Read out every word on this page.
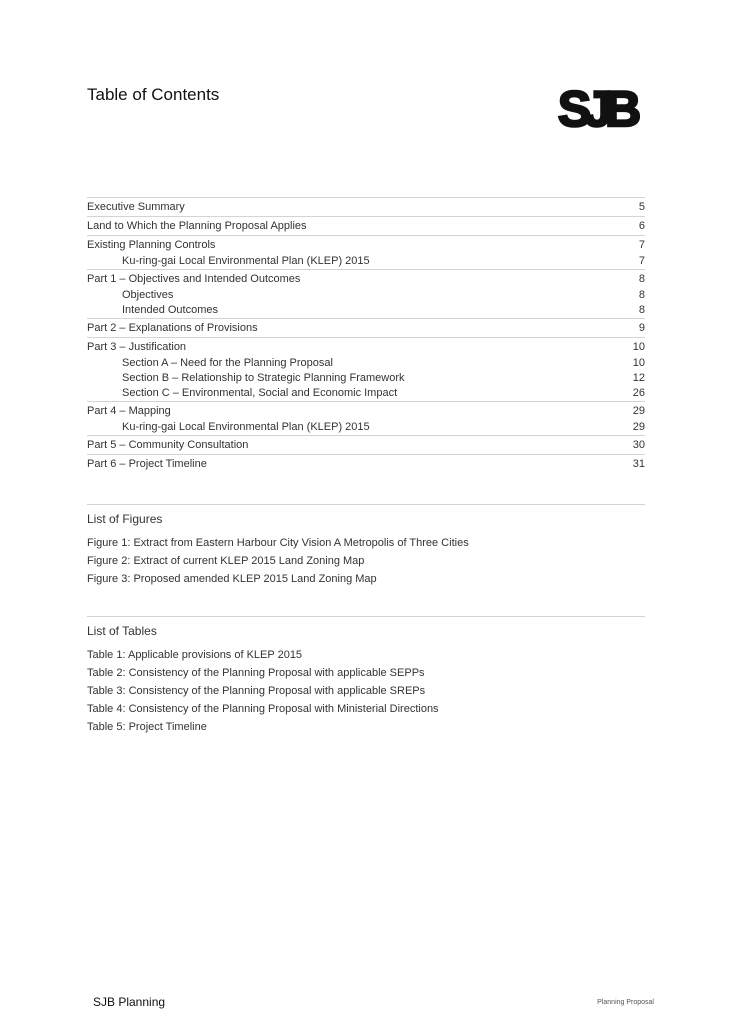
Table of Contents	SJB
Executive Summary	5
Land to Which the Planning Proposal Applies	6
Existing Planning Controls	7
Ku-ring-gai Local Environmental Plan (KLEP) 2015	7
Part 1 – Objectives and Intended Outcomes	8
Objectives	8
Intended Outcomes	8
Part 2 – Explanations of Provisions	9
Part 3 – Justification	10
Section A – Need for the Planning Proposal	10
Section B – Relationship to Strategic Planning Framework	12
Section C – Environmental, Social and Economic Impact	26
Part 4 – Mapping	29
Ku-ring-gai Local Environmental Plan (KLEP) 2015	29
Part 5 – Community Consultation	30
Part 6 – Project Timeline	31
List of Figures
Figure 1: Extract from Eastern Harbour City Vision A Metropolis of Three Cities
Figure 2: Extract of current KLEP 2015 Land Zoning Map
Figure 3: Proposed amended KLEP 2015 Land Zoning Map
List of Tables
Table 1: Applicable provisions of KLEP 2015
Table 2: Consistency of the Planning Proposal with applicable SEPPs
Table 3: Consistency of the Planning Proposal with applicable SREPs
Table 4: Consistency of the Planning Proposal with Ministerial Directions
Table 5: Project Timeline
SJB Planning	Planning Proposal
